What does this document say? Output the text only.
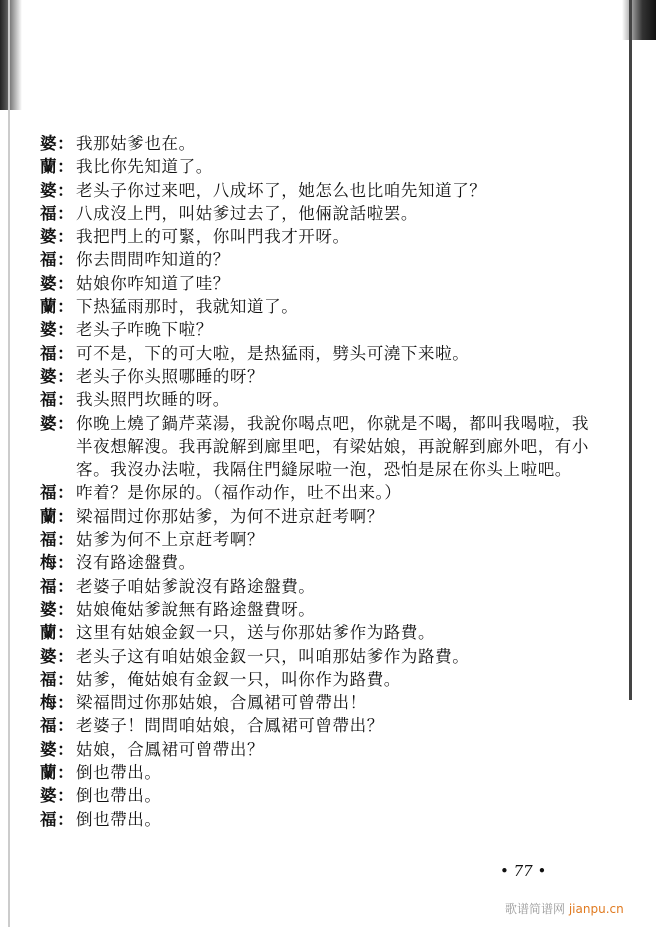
婆： 我那姑爹也在。
蘭： 我比你先知道了。
婆： 老头子你过来吧，八成坏了，她怎么也比咱先知道了？
福： 八成沒上門，叫姑爹过去了，他倆說話啦罢。
婆： 我把門上的可緊，你叫門我才开呀。
福： 你去問問咋知道的？
婆： 姑娘你咋知道了哇？
蘭： 下热猛雨那时，我就知道了。
婆： 老头子咋晚下啦？
福： 可不是，下的可大啦，是热猛雨，劈头可澆下来啦。
婆： 老头子你头照哪睡的呀？
福： 我头照門坎睡的呀。
婆： 你晚上燒了鍋芹菜湯，我說你喝点吧，你就是不喝，都叫我喝啦，我半夜想解溲。我再說解到廊里吧，有梁姑娘，再說解到廊外吧，有小客。我沒办法啦，我隔住門縫尿啦一泡，恐怕是尿在你头上啦吧。
福： 咋着？是你尿的。（福作动作，吐不出来。）
蘭： 梁福問过你那姑爹，为何不进京赶考啊？
福： 姑爹为何不上京赶考啊？
梅： 沒有路途盤費。
福： 老婆子咱姑爹說沒有路途盤費。
婆： 姑娘俺姑爹說無有路途盤費呀。
蘭： 这里有姑娘金釵一只，送与你那姑爹作为路費。
婆： 老头子这有咱姑娘金釵一只，叫咱那姑爹作为路費。
福： 姑爹，俺姑娘有金釵一只，叫你作为路費。
梅： 梁福問过你那姑娘，合鳳裙可曾帶出！
福： 老婆子！問問咱姑娘，合鳳裙可曾帶出？
婆： 姑娘，合鳳裙可曾帶出？
蘭： 倒也帶出。
婆： 倒也帶出。
福： 倒也帶出。
• 77 •
歌谱简谱网 jianpu.cn
